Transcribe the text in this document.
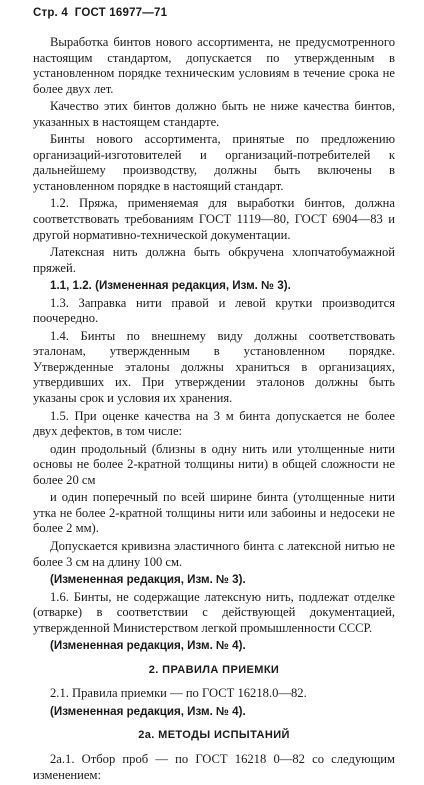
Стр. 4 ГОСТ 16977—71

Выработка бинтов нового ассортимента, не предусмотренного настоящим стандартом, допускается по утвержденным в установленном порядке техническим условиям в течение срока не более двух лет.

Качество этих бинтов должно быть не ниже качества бинтов, указанных в настоящем стандарте.

Бинты нового ассортимента, принятые по предложению организаций-изготовителей и организаций-потребителей к дальнейшему производству, должны быть включены в установленном порядке в настоящий стандарт.

1.2. Пряжа, применяемая для выработки бинтов, должна соответствовать требованиям ГОСТ 1119—80, ГОСТ 6904—83 и другой нормативно-технической документации.

Латексная нить должна быть обкручена хлопчатобумажной пряжей.

1.1, 1.2. (Измененная редакция, Изм. № 3).

1.3. Заправка нити правой и левой крутки производится поочередно.

1.4. Бинты по внешнему виду должны соответствовать эталонам, утвержденным в установленном порядке. Утвержденные эталоны должны храниться в организациях, утвердивших их. При утверждении эталонов должны быть указаны срок и условия их хранения.

1.5. При оценке качества на 3 м бинта допускается не более двух дефектов, в том числе:

один продольный (близны в одну нить или утолщенные нити основы не более 2-кратной толщины нити) в общей сложности не более 20 см

и один поперечный по всей ширине бинта (утолщенные нити утка не более 2-кратной толщины нити или забоины и недосеки не более 2 мм).

Допускается кривизна эластичного бинта с латексной нитью не более 3 см на длину 100 см.

(Измененная редакция, Изм. № 3).

1.6. Бинты, не содержащие латексную нить, подлежат отделке (отварке) в соответствии с действующей документацией, утвержденной Министерством легкой промышленности СССР.

(Измененная редакция, Изм. № 4).

2. ПРАВИЛА ПРИЕМКИ

2.1. Правила приемки — по ГОСТ 16218.0—82.

(Измененная редакция, Изм. № 4).

2а. МЕТОДЫ ИСПЫТАНИЙ

2а.1. Отбор проб — по ГОСТ 16218 0—82 со следующим изменением:
